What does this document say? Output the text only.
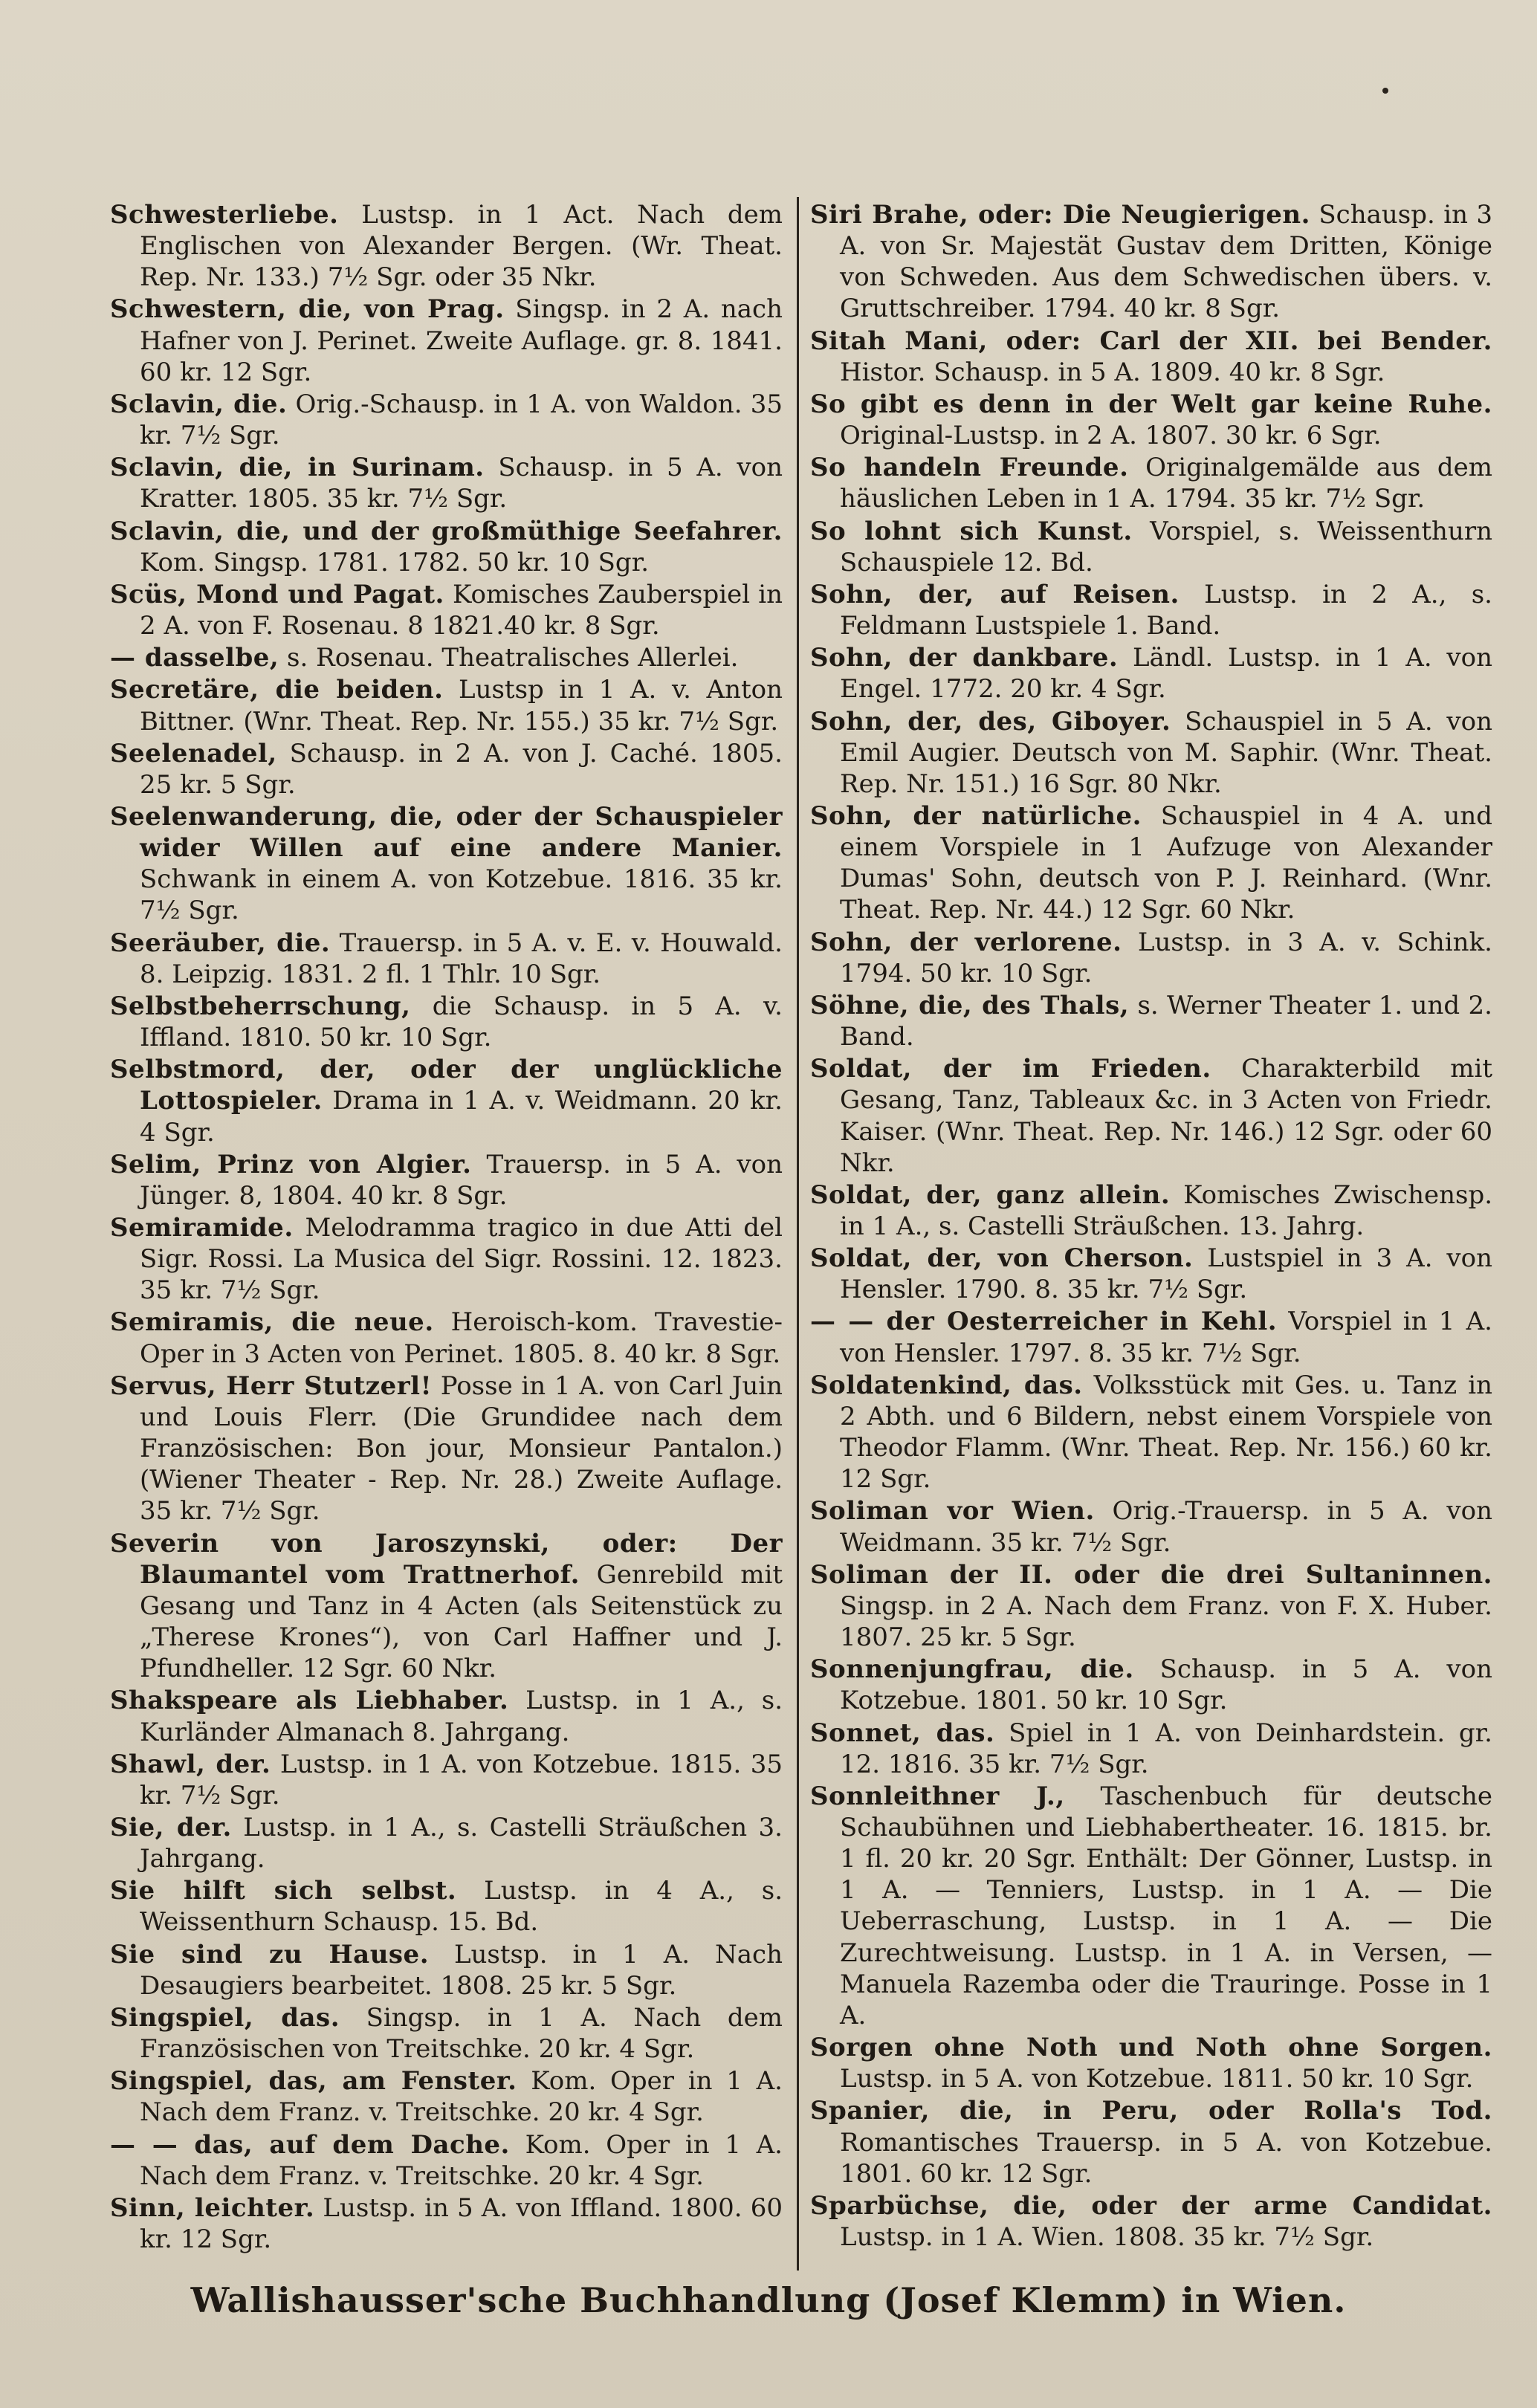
Schwesterliebe. Lustsp. in 1 Act. Nach dem Englischen von Alexander Bergen. (Wr. Theat. Rep. Nr. 133.) 7½ Sgr. oder 35 Nkr.
Schwestern, die, von Prag. Singsp. in 2 A. nach Hafner von J. Perinet. Zweite Auflage. gr. 8. 1841. 60 kr. 12 Sgr.
Sclavin, die. Orig.-Schausp. in 1 A. von Waldon. 35 kr. 7½ Sgr.
Sclavin, die, in Surinam. Schausp. in 5 A. von Kratter. 1805. 35 kr. 7½ Sgr.
Sclavin, die, und der großmüthige Seefahrer. Kom. Singsp. 1781. 1782. 50 kr. 10 Sgr.
Scüs, Mond und Pagat. Komisches Zauberspiel in 2 A. von F. Rosenau. 8 1821.40 kr. 8 Sgr.
— dasselbe, s. Rosenau. Theatralisches Allerlei.
Secretäre, die beiden. Lustsp in 1 A. v. Anton Bittner. (Wnr. Theat. Rep. Nr. 155.) 35 kr. 7½ Sgr.
Seelenadel, Schausp. in 2 A. von J. Caché. 1805. 25 kr. 5 Sgr.
Seelenwanderung, die, oder der Schauspieler wider Willen auf eine andere Manier. Schwank in einem A. von Kotzebue. 1816. 35 kr. 7½ Sgr.
Seeräuber, die. Trauersp. in 5 A. v. E. v. Houwald. 8. Leipzig. 1831. 2 fl. 1 Thlr. 10 Sgr.
Selbstbeherrschung, die Schausp. in 5 A. v. Iffland. 1810. 50 kr. 10 Sgr.
Selbstmord, der, oder der unglückliche Lottospieler. Drama in 1 A. v. Weidmann. 20 kr. 4 Sgr.
Selim, Prinz von Algier. Trauersp. in 5 A. von Jünger. 8, 1804. 40 kr. 8 Sgr.
Semiramide. Melodramma tragico in due Atti del Sigr. Rossi. La Musica del Sigr. Rossini. 12. 1823. 35 kr. 7½ Sgr.
Semiramis, die neue. Heroisch-kom. Travestie-Oper in 3 Acten von Perinet. 1805. 8. 40 kr. 8 Sgr.
Servus, Herr Stutzerl! Posse in 1 A. von Carl Juin und Louis Flerr. (Die Grundidee nach dem Französischen: Bon jour, Monsieur Pantalon.) (Wiener Theater - Rep. Nr. 28.) Zweite Auflage. 35 kr. 7½ Sgr.
Severin von Jaroszynski, oder: Der Blaumantel vom Trattnerhof. Genrebild mit Gesang und Tanz in 4 Acten (als Seitenstück zu „Therese Krones“), von Carl Haffner und J. Pfundheller. 12 Sgr. 60 Nkr.
Shakspeare als Liebhaber. Lustsp. in 1 A., s. Kurländer Almanach 8. Jahrgang.
Shawl, der. Lustsp. in 1 A. von Kotzebue. 1815. 35 kr. 7½ Sgr.
Sie, der. Lustsp. in 1 A., s. Castelli Sträußchen 3. Jahrgang.
Sie hilft sich selbst. Lustsp. in 4 A., s. Weissenthurn Schausp. 15. Bd.
Sie sind zu Hause. Lustsp. in 1 A. Nach Desaugiers bearbeitet. 1808. 25 kr. 5 Sgr.
Singspiel, das. Singsp. in 1 A. Nach dem Französischen von Treitschke. 20 kr. 4 Sgr.
Singspiel, das, am Fenster. Kom. Oper in 1 A. Nach dem Franz. v. Treitschke. 20 kr. 4 Sgr.
— — das, auf dem Dache. Kom. Oper in 1 A. Nach dem Franz. v. Treitschke. 20 kr. 4 Sgr.
Sinn, leichter. Lustsp. in 5 A. von Iffland. 1800. 60 kr. 12 Sgr.
Siri Brahe, oder: Die Neugierigen. Schausp. in 3 A. von Sr. Majestät Gustav dem Dritten, Könige von Schweden. Aus dem Schwedischen übers. v. Gruttschreiber. 1794. 40 kr. 8 Sgr.
Sitah Mani, oder: Carl der XII. bei Bender. Histor. Schausp. in 5 A. 1809. 40 kr. 8 Sgr.
So gibt es denn in der Welt gar keine Ruhe. Original-Lustsp. in 2 A. 1807. 30 kr. 6 Sgr.
So handeln Freunde. Originalgemälde aus dem häuslichen Leben in 1 A. 1794. 35 kr. 7½ Sgr.
So lohnt sich Kunst. Vorspiel, s. Weissenthurn Schauspiele 12. Bd.
Sohn, der, auf Reisen. Lustsp. in 2 A., s. Feldmann Lustspiele 1. Band.
Sohn, der dankbare. Ländl. Lustsp. in 1 A. von Engel. 1772. 20 kr. 4 Sgr.
Sohn, der, des, Giboyer. Schauspiel in 5 A. von Emil Augier. Deutsch von M. Saphir. (Wnr. Theat. Rep. Nr. 151.) 16 Sgr. 80 Nkr.
Sohn, der natürliche. Schauspiel in 4 A. und einem Vorspiele in 1 Aufzuge von Alexander Dumas' Sohn, deutsch von P. J. Reinhard. (Wnr. Theat. Rep. Nr. 44.) 12 Sgr. 60 Nkr.
Sohn, der verlorene. Lustsp. in 3 A. v. Schink. 1794. 50 kr. 10 Sgr.
Söhne, die, des Thals, s. Werner Theater 1. und 2. Band.
Soldat, der im Frieden. Charakterbild mit Gesang, Tanz, Tableaux &c. in 3 Acten von Friedr. Kaiser. (Wnr. Theat. Rep. Nr. 146.) 12 Sgr. oder 60 Nkr.
Soldat, der, ganz allein. Komisches Zwischensp. in 1 A., s. Castelli Sträußchen. 13. Jahrg.
Soldat, der, von Cherson. Lustspiel in 3 A. von Hensler. 1790. 8. 35 kr. 7½ Sgr.
— — der Oesterreicher in Kehl. Vorspiel in 1 A. von Hensler. 1797. 8. 35 kr. 7½ Sgr.
Soldatenkind, das. Volksstück mit Ges. u. Tanz in 2 Abth. und 6 Bildern, nebst einem Vorspiele von Theodor Flamm. (Wnr. Theat. Rep. Nr. 156.) 60 kr. 12 Sgr.
Soliman vor Wien. Orig.-Trauersp. in 5 A. von Weidmann. 35 kr. 7½ Sgr.
Soliman der II. oder die drei Sultaninnen. Singsp. in 2 A. Nach dem Franz. von F. X. Huber. 1807. 25 kr. 5 Sgr.
Sonnenjungfrau, die. Schausp. in 5 A. von Kotzebue. 1801. 50 kr. 10 Sgr.
Sonnet, das. Spiel in 1 A. von Deinhardstein. gr. 12. 1816. 35 kr. 7½ Sgr.
Sonnleithner J., Taschenbuch für deutsche Schaubühnen und Liebhabertheater. 16. 1815. br. 1 fl. 20 kr. 20 Sgr. Enthält: Der Gönner, Lustsp. in 1 A. — Tenniers, Lustsp. in 1 A. — Die Ueberraschung, Lustsp. in 1 A. — Die Zurechtweisung. Lustsp. in 1 A. in Versen, — Manuela Razemba oder die Trauringe. Posse in 1 A.
Sorgen ohne Noth und Noth ohne Sorgen. Lustsp. in 5 A. von Kotzebue. 1811. 50 kr. 10 Sgr.
Spanier, die, in Peru, oder Rolla's Tod. Romantisches Trauersp. in 5 A. von Kotzebue. 1801. 60 kr. 12 Sgr.
Sparbüchse, die, oder der arme Candidat. Lustsp. in 1 A. Wien. 1808. 35 kr. 7½ Sgr.
Wallishausser'sche Buchhandlung (Josef Klemm) in Wien.
